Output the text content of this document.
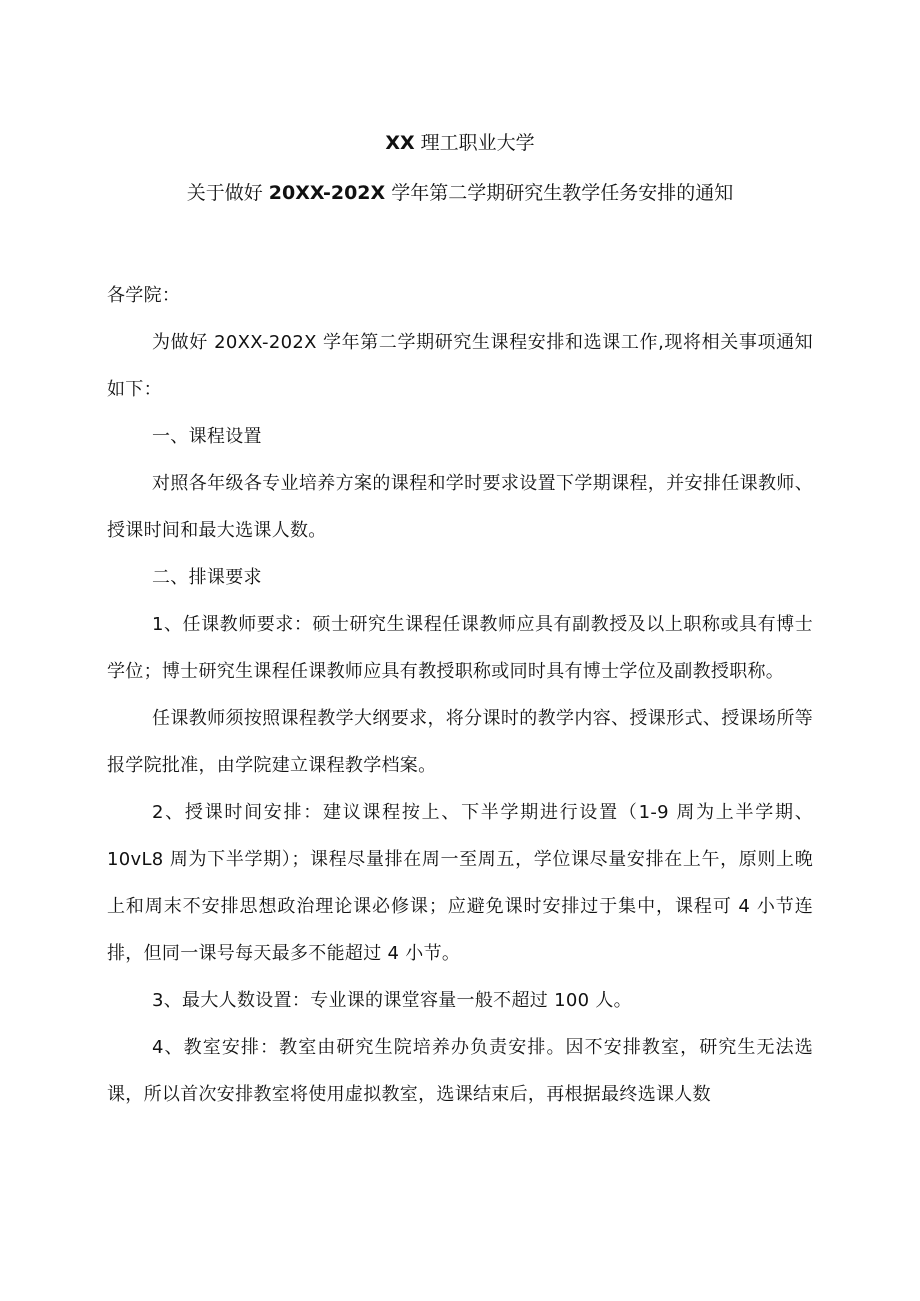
XX 理工职业大学
关于做好 20XX-202X 学年第二学期研究生教学任务安排的通知

各学院：

为做好 20XX-202X 学年第二学期研究生课程安排和选课工作,现将相关事项通知如下：

一、课程设置

对照各年级各专业培养方案的课程和学时要求设置下学期课程，并安排任课教师、授课时间和最大选课人数。

二、排课要求

1、任课教师要求：硕士研究生课程任课教师应具有副教授及以上职称或具有博士学位；博士研究生课程任课教师应具有教授职称或同时具有博士学位及副教授职称。

任课教师须按照课程教学大纲要求，将分课时的教学内容、授课形式、授课场所等报学院批准，由学院建立课程教学档案。

2、授课时间安排：建议课程按上、下半学期进行设置（1-9 周为上半学期、10vL8 周为下半学期）；课程尽量排在周一至周五，学位课尽量安排在上午，原则上晚上和周末不安排思想政治理论课必修课；应避免课时安排过于集中，课程可 4 小节连排，但同一课号每天最多不能超过 4 小节。

3、最大人数设置：专业课的课堂容量一般不超过 100 人。

4、教室安排：教室由研究生院培养办负责安排。因不安排教室，研究生无法选课，所以首次安排教室将使用虚拟教室，选课结束后，再根据最终选课人数
